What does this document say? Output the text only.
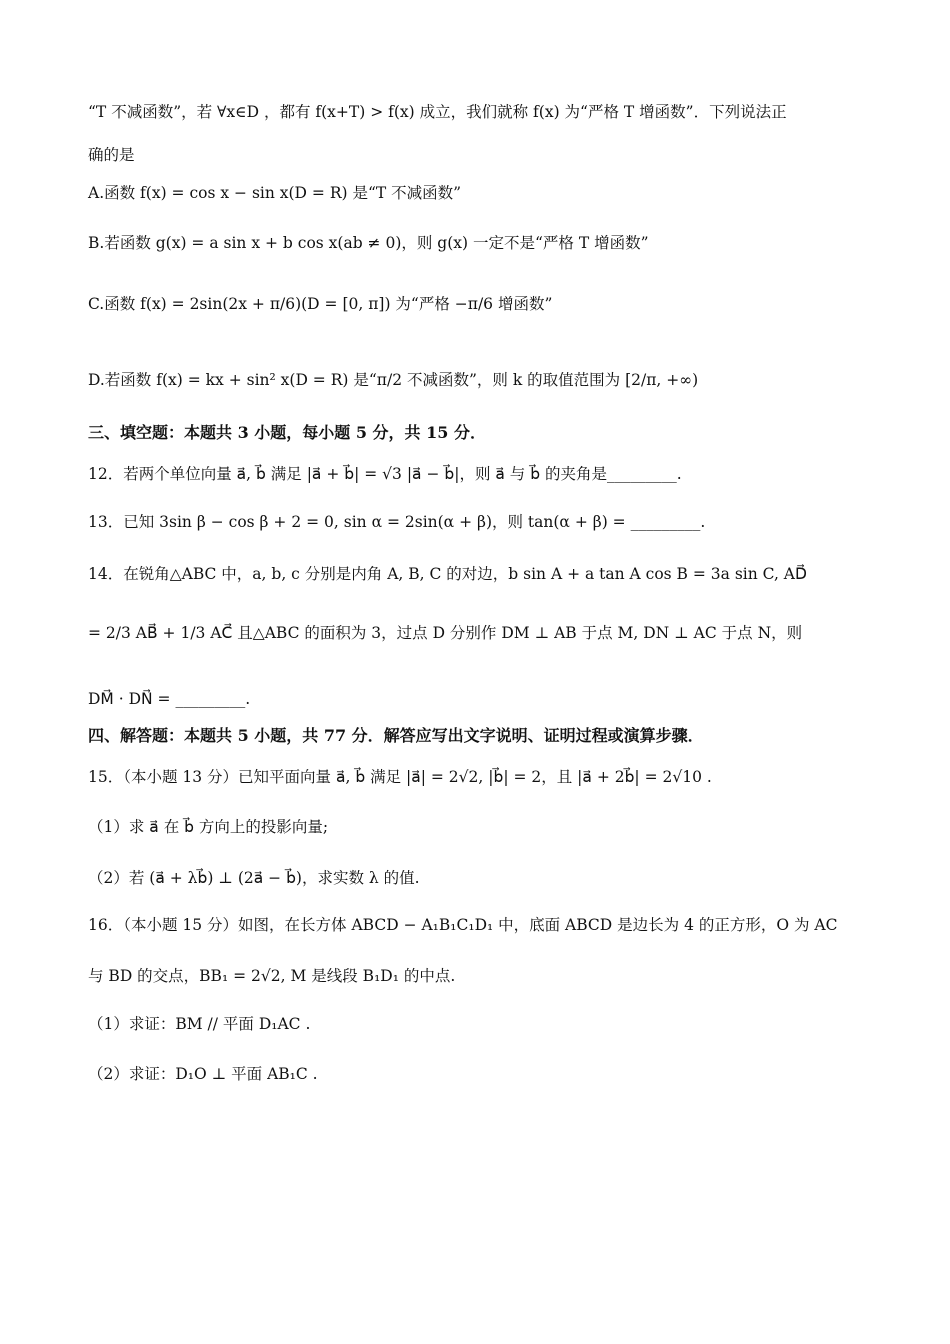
“T 不减函数”，若 ∀x∈D ，都有 f(x+T) > f(x) 成立，我们就称 f(x) 为“严格 T 增函数”．下列说法正
确的是
A.函数 f(x) = cos x − sin x(D = R) 是“T 不减函数”
B.若函数 g(x) = a sin x + b cos x(ab ≠ 0)，则 g(x) 一定不是“严格 T 增函数”
C.函数 f(x) = 2sin(2x + π/6)(D = [0, π]) 为“严格 −π/6 增函数”
D.若函数 f(x) = kx + sin² x(D = R) 是“π/2 不减函数”，则 k 的取值范围为 [2/π, +∞)
三、填空题：本题共 3 小题，每小题 5 分，共 15 分．
12．若两个单位向量 a⃗, b⃗ 满足 |a⃗ + b⃗| = √3 |a⃗ − b⃗|，则 a⃗ 与 b⃗ 的夹角是_________.
13．已知 3sin β − cos β + 2 = 0, sin α = 2sin(α + β)，则 tan(α + β) = _________.
14．在锐角△ABC 中，a, b, c 分别是内角 A, B, C 的对边，b sin A + a tan A cos B = 3a sin C, AD⃗
= 2/3 AB⃗ + 1/3 AC⃗ 且△ABC 的面积为 3，过点 D 分别作 DM ⊥ AB 于点 M, DN ⊥ AC 于点 N，则
DM⃗ · DN⃗ = _________.
四、解答题：本题共 5 小题，共 77 分．解答应写出文字说明、证明过程或演算步骤．
15．（本小题 13 分）已知平面向量 a⃗, b⃗ 满足 |a⃗| = 2√2, |b⃗| = 2，且 |a⃗ + 2b⃗| = 2√10 .
（1）求 a⃗ 在 b⃗ 方向上的投影向量;
（2）若 (a⃗ + λb⃗) ⊥ (2a⃗ − b⃗)，求实数 λ 的值.
16．（本小题 15 分）如图，在长方体 ABCD − A₁B₁C₁D₁ 中，底面 ABCD 是边长为 4 的正方形，O 为 AC
与 BD 的交点，BB₁ = 2√2, M 是线段 B₁D₁ 的中点.
（1）求证：BM // 平面 D₁AC .
（2）求证：D₁O ⊥ 平面 AB₁C .
